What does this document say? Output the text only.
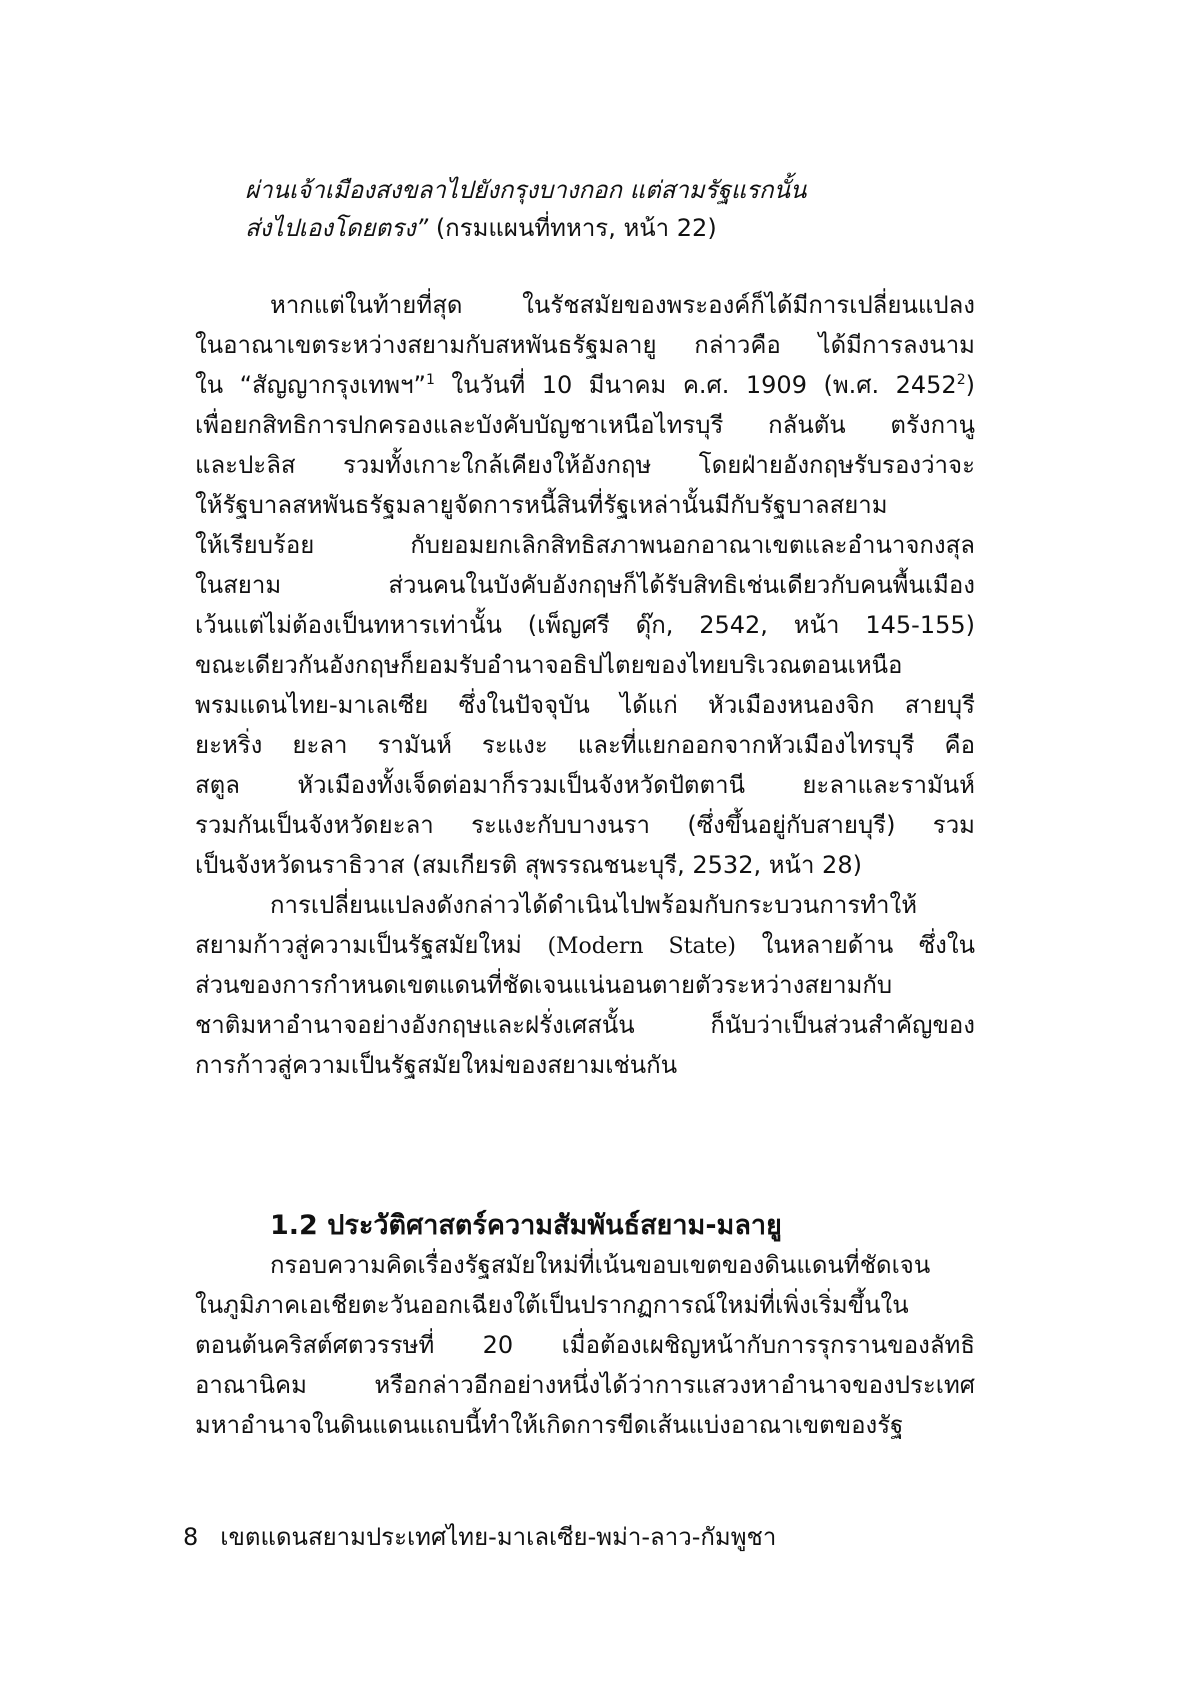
ผ่านเจ้าเมืองสงขลาไปยังกรุงบางกอก แต่สามรัฐแรกนั้น
ส่งไปเองโดยตรง” (กรมแผนที่ทหาร, หน้า 22)
หากแต่ในท้ายที่สุด ในรัชสมัยของพระองค์ก็ได้มีการเปลี่ยนแปลง
ในอาณาเขตระหว่างสยามกับสหพันธรัฐมลายู กล่าวคือ ได้มีการลงนาม
ใน “สัญญากรุงเทพฯ”$^1$ ในวันที่ 10 มีนาคม ค.ศ. 1909 (พ.ศ. 2452$^2$)
เพื่อยกสิทธิการปกครองและบังคับบัญชาเหนือไทรบุรี กลันตัน ตรังกานู
และปะลิส รวมทั้งเกาะใกล้เคียงให้อังกฤษ โดยฝ่ายอังกฤษรับรองว่าจะ
ให้รัฐบาลสหพันธรัฐมลายูจัดการหนี้สินที่รัฐเหล่านั้นมีกับรัฐบาลสยาม
ให้เรียบร้อย กับยอมยกเลิกสิทธิสภาพนอกอาณาเขตและอำนาจกงสุล
ในสยาม ส่วนคนในบังคับอังกฤษก็ได้รับสิทธิเช่นเดียวกับคนพื้นเมือง
เว้นแต่ไม่ต้องเป็นทหารเท่านั้น (เพ็ญศรี ดุ๊ก, 2542, หน้า 145-155)
ขณะเดียวกันอังกฤษก็ยอมรับอำนาจอธิปไตยของไทยบริเวณตอนเหนือ
พรมแดนไทย-มาเลเซีย ซึ่งในปัจจุบัน ได้แก่ หัวเมืองหนองจิก สายบุรี
ยะหริ่ง ยะลา รามันห์ ระแงะ และที่แยกออกจากหัวเมืองไทรบุรี คือ
สตูล หัวเมืองทั้งเจ็ดต่อมาก็รวมเป็นจังหวัดปัตตานี ยะลาและรามันห์
รวมกันเป็นจังหวัดยะลา ระแงะกับบางนรา (ซึ่งขึ้นอยู่กับสายบุรี) รวม
เป็นจังหวัดนราธิวาส (สมเกียรติ สุพรรณชนะบุรี, 2532, หน้า 28)
การเปลี่ยนแปลงดังกล่าวได้ดำเนินไปพร้อมกับกระบวนการทำให้
สยามก้าวสู่ความเป็นรัฐสมัยใหม่ (Modern State) ในหลายด้าน ซึ่งใน
ส่วนของการกำหนดเขตแดนที่ชัดเจนแน่นอนตายตัวระหว่างสยามกับ
ชาติมหาอำนาจอย่างอังกฤษและฝรั่งเศสนั้น ก็นับว่าเป็นส่วนสำคัญของ
การก้าวสู่ความเป็นรัฐสมัยใหม่ของสยามเช่นกัน
1.2 ประวัติศาสตร์ความสัมพันธ์สยาม-มลายู
กรอบความคิดเรื่องรัฐสมัยใหม่ที่เน้นขอบเขตของดินแดนที่ชัดเจน
ในภูมิภาคเอเชียตะวันออกเฉียงใต้เป็นปรากฏการณ์ใหม่ที่เพิ่งเริ่มขึ้นใน
ตอนต้นคริสต์ศตวรรษที่ 20 เมื่อต้องเผชิญหน้ากับการรุกรานของลัทธิ
อาณานิคม หรือกล่าวอีกอย่างหนึ่งได้ว่าการแสวงหาอำนาจของประเทศ
มหาอำนาจในดินแดนแถบนี้ทำให้เกิดการขีดเส้นแบ่งอาณาเขตของรัฐ
8 เขตแดนสยามประเทศไทย-มาเลเซีย-พม่า-ลาว-กัมพูชา
